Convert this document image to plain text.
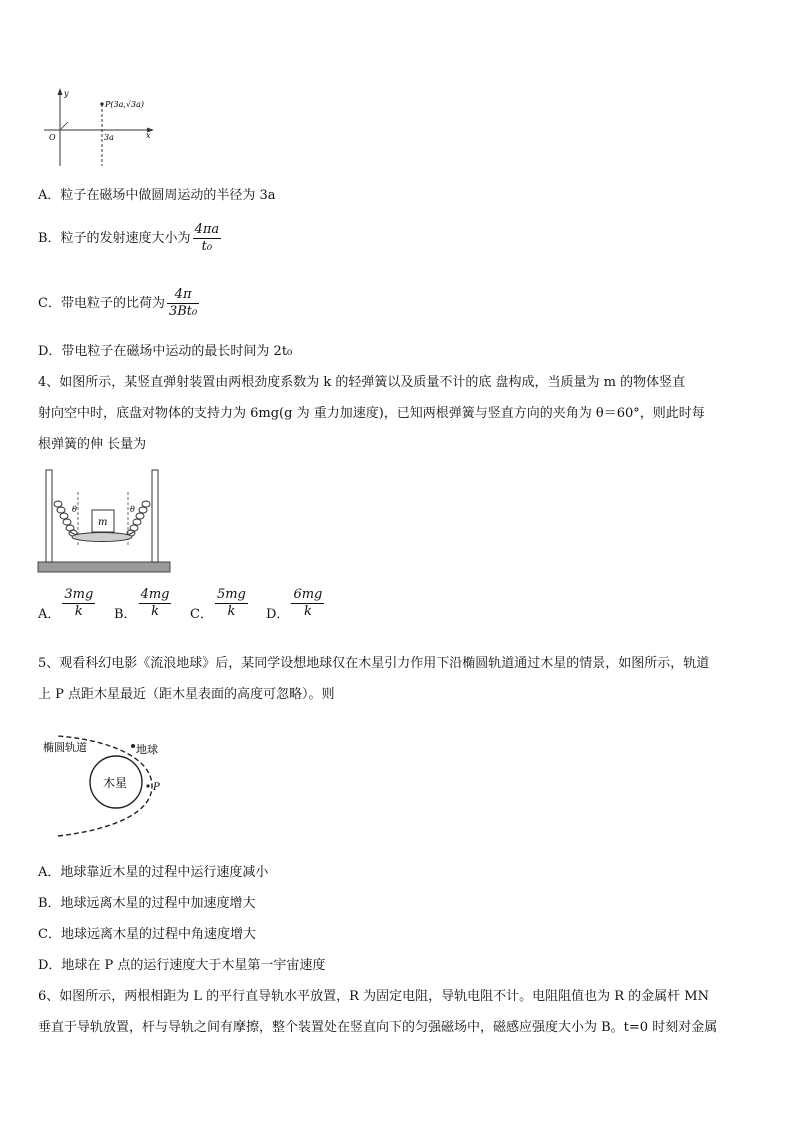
y
x
O
P(3a,√3a)
3a
A．粒子在磁场中做圆周运动的半径为 3a
B．粒子的发射速度大小为 $\frac{4\pi a}{\text{t₀}}$
C．带电粒子的比荷为 $\frac{4\pi}{\text{3Bt₀}}$
D．带电粒子在磁场中运动的最长时间为 2t₀
4、如图所示，某竖直弹射装置由两根劲度系数为 k 的轻弹簧以及质量不计的底 盘构成，当质量为 m 的物体竖直
射向空中时，底盘对物体的支持力为 6mg(g 为 重力加速度)，已知两根弹簧与竖直方向的夹角为 θ＝60°，则此时每
根弹簧的伸 长量为
m
θ	θ
A． $\frac{3mg}{k}$ B． $\frac{4mg}{k}$ C． $\frac{5mg}{k}$ D． $\frac{6mg}{k}$
5、观看科幻电影《流浪地球》后，某同学设想地球仅在木星引力作用下沿椭圆轨道通过木星的情景，如图所示，轨道
上 P 点距木星最近（距木星表面的高度可忽略）。则
椭圆轨道	地球
木星	P
A．地球靠近木星的过程中运行速度减小
B．地球远离木星的过程中加速度增大
C．地球远离木星的过程中角速度增大
D．地球在 P 点的运行速度大于木星第一宇宙速度
6、如图所示，两根相距为 L 的平行直导轨水平放置，R 为固定电阻，导轨电阻不计。电阻阻值也为 R 的金属杆 MN
垂直于导轨放置，杆与导轨之间有摩擦，整个装置处在竖直向下的匀强磁场中，磁感应强度大小为 B。t=0 时刻对金属
